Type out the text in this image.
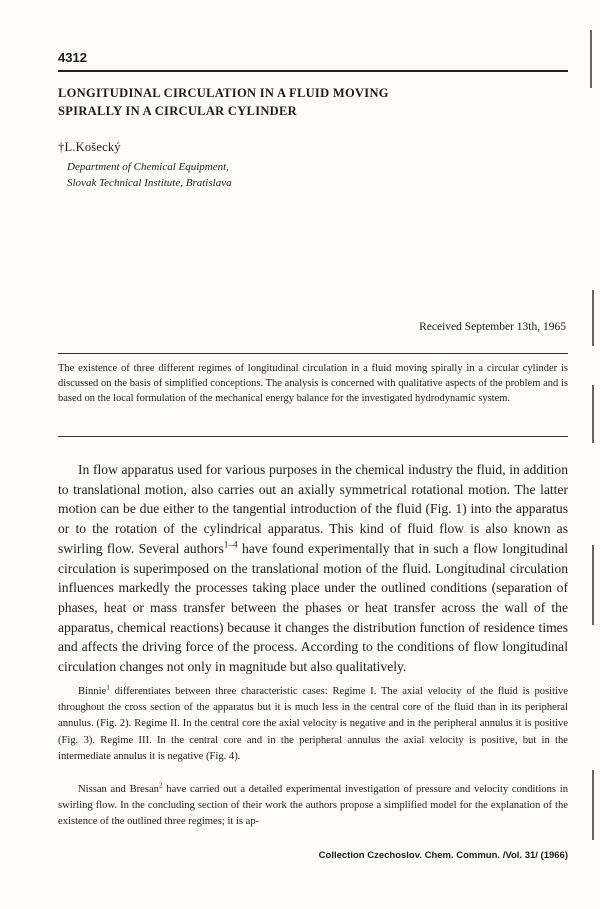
4312
LONGITUDINAL CIRCULATION IN A FLUID MOVING
SPIRALLY IN A CIRCULAR CYLINDER
†L.Košecký
Department of Chemical Equipment,
Slovak Technical Institute, Bratislava
Received September 13th, 1965
The existence of three different regimes of longitudinal circulation in a fluid moving spirally in a circular cylinder is discussed on the basis of simplified conceptions. The analysis is concerned with qualitative aspects of the problem and is based on the local formulation of the mechanical energy balance for the investigated hydrodynamic system.

In flow apparatus used for various purposes in the chemical industry the fluid, in addition to translational motion, also carries out an axially symmetrical rotational motion. The latter motion can be due either to the tangential introduction of the fluid (Fig. 1) into the apparatus or to the rotation of the cylindrical apparatus. This kind of fluid flow is also known as swirling flow. Several authors$^{1-4}$ have found experimentally that in such a flow longitudinal circulation is superimposed on the translational motion of the fluid. Longitudinal circulation influences markedly the processes taking place under the outlined conditions (separation of phases, heat or mass transfer between the phases or heat transfer across the wall of the apparatus, chemical reactions) because it changes the distribution function of residence times and affects the driving force of the process. According to the conditions of flow longitudinal circulation changes not only in magnitude but also qualitatively.

Binnie$^1$ differentiates between three characteristic cases: Regime I. The axial velocity of the fluid is positive throughout the cross section of the apparatus but it is much less in the central core of the fluid than in its peripheral annulus. (Fig. 2). Regime II. In the central core the axial velocity is negative and in the peripheral annulus it is positive (Fig. 3). Regime III. In the central core and in the peripheral annulus the axial velocity is positive, but in the intermediate annulus it is negative (Fig. 4).

Nissan and Bresan$^2$ have carried out a detailed experimental investigation of pressure and velocity conditions in swirling flow. In the concluding section of their work the authors propose a simplified model for the explanation of the existence of the outlined three regimes; it is ap-

Collection Czechoslov. Chem. Commun. /Vol. 31/ (1966)
